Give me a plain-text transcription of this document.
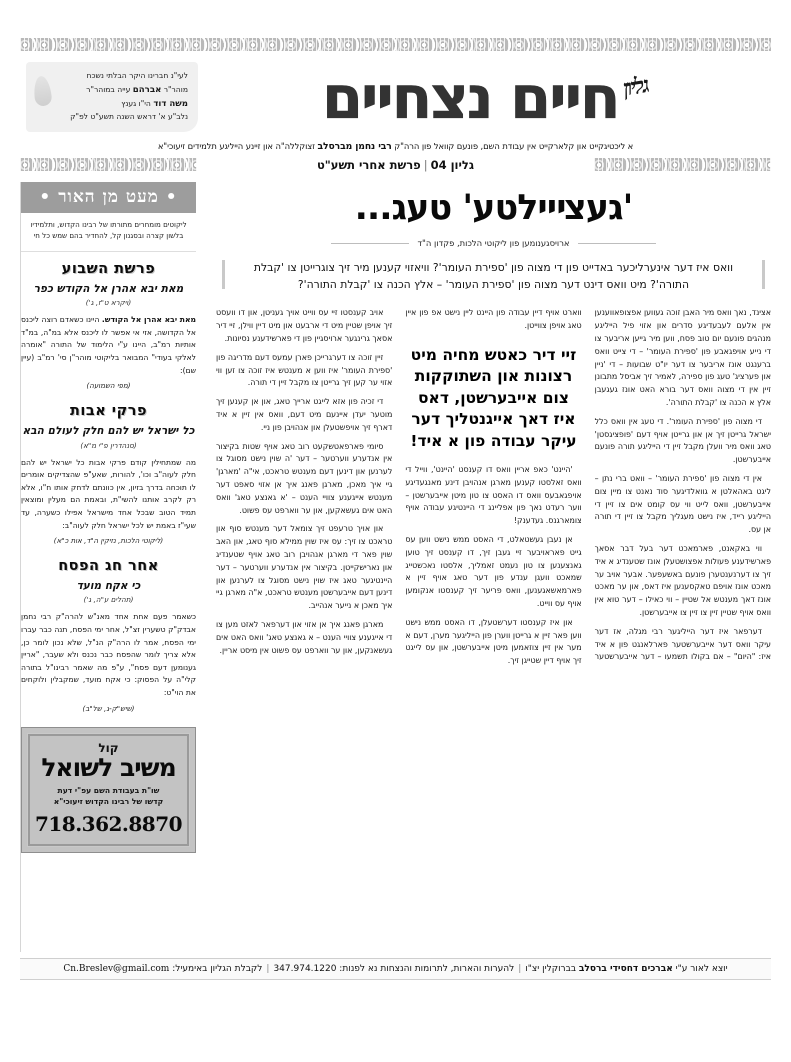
חיים נצחיים גליון
לעי"נ חברינו היקר הבלתי נשכח
מוהר"ר אברהם עייה במוהר"ר
משה דוד הי"ו גענץ
נלב"ע א' דראש השנה תשע"ט לפ"ק
א ליכטיגקייט און קלארקייט אין עבודת השם, פונעם קוואל פון הרה"ק רבי נחמן מברסלב זצוקללה"ה און זיינע הייליגע תלמידים זיעוכי"א
גליון 04|פרשת אחרי תשע"ט
'געצײילטע' טעג...
ארויסגענומען פון ליקוטי הלכות, פקדון ה"ד
וואס איז דער אינערליכער באדייט פון די מצוה פון 'ספירת העומר'? וויאזוי קענען מיר זיך צוגרייטן צו 'קבלת התורה'? מיט וואס דינט דער מצוה פון 'ספירת העומר' – אלץ הכנה צו 'קבלת התורה'?

אצינד, נאך וואס מיר האבן זוכה געווען אפצופאווענען אין אלעם לעבעדיגע סדרים און אזוי פיל הייליגע מנהגים פונעם יום טוב פסח, ווען מיר גייען אריבער צו די נייע אויפגאבע פון 'ספירת העומר' – די צייט וואס ברענגט אונז אריבער צו דער יו"ט שבועות – די 'ניין און פערציג' טעג פון ספירה, לאמיר זיך אביסל מתבונן זיין אין די מצוה וואס דער בורא האט אונז געגעבן אלץ א הכנה צו 'קבלת התורה'.

די מצוה פון 'ספירת העומר'. די טעג אין וואס כלל ישראל גרייטן זיך אן און גרייטן אויף דעם 'פופציגסטן' טאג וואס מיר וועלן מקבל זיין די הייליגע תורה פונעם אייבערשטן.

אין די מצוה פון 'ספירת העומר' – וואט ברי נתן – ליגט באהאלטן א גוואלדיגער סוד נאנט צו מיין צום אייבערשטן, וואס לייט ווי עס קומט אים צו זיין די הייליגע רייד, איז נישט מעגליך מקבל צו זיין די תורה אן עס.

ווי באקאנט, פארמאכט דער בעל דבר אסאך פארשידענע פעולות אפצושטעלן אונז שטענדיג א איד זיך צו דערנענטערן פונעם באשעפער. אבער אויב ער מאכט אונז אויפם טאקסענען איז דאס, און ער מאכט אונז דאך מענטש אל שטיין – ווי כאילו – דער טוא אין וואס אויף שטיין זיין צו זיין צו אייבערשטן.

דערפאר איז דער הייליגער רבי מגלה, אז דער עיקר וואס דער אייבערשטער פארלאנגט פון א איד איז: "היום" – אם בקולו תשמעו – דער אייבערשטער ווארט אויף דיין עבודה פון היינט ליין נישט אפ פון איין טאג אויפן צווייטן.

זיי דיר כאטש מחיה מיט רצונות און השתוקקות צום אייבערשטן, דאס איז דאך אייגנטליך דער עיקר עבודה פון א איד!

'היינט' כאפ אריין וואס דו קענסט 'היינט', ווייל די וואס זאלסטו קענען מארגן אנהויבן דינע מאנגעדיגע אויפגאבעס וואס דו האסט צו טון מיטן אייבערשטן – ווער רעדט נאך פון אפליינג די היינטיגע עבודה אויף צומארגנס. געדענק!

אן נעבן געשטאלט, די האסט ממש נישט ווען עס גייט פאראויבער זיי געבן זיך, דו קענסט זיך טוען גאנצענען צו טון נעמט זאמליך, אלסטו נאכשטייג שמאכט וועגן ענדע פון דער טאג אויף זיין א פארמאשאגענען, וואס פריער זיך קענסטו אנקומען אויף עס ווייט.

און איז קענסטו דערשטעלן, דו האסט ממש נישט ווען פאר זיין א גרייטן ווערן פון הייליגער מערן, דעם א מער אין זיין צוזאמען מיטן אייבערשטן, און עס לייגט זיך אויף דיין שטייגן זיך.

אויב קענסטו זיי עס ווייט אויך געניטן, און דו וועסט זיך אויפן שטיין מיט די ארבעט און מיט דיין ווילן, זיי דיר אסאך גרינגער ארויסגיין פון די פארשידענע נסיונות.

זיין זוכה צו דערגרייכן פארן עמעס דעם מדריגה פון 'ספירת העומר' איז ווען א מענטש איז זוכה צו זען ווי אזוי ער קען זיך גרייטן צו מקבל זיין די תורה.

די זכיה פון אזא לייגט ארייך טאג, און אן קענען זיך מוטער יעדן איינעם מיט דעם, וואס אין זיין א איד דארף זיך אויפשטעלן און אנהויבן פון ניי.

סיומי פארפאטשקעט רוב טאג אויף שטות בקיצור אין אנדערע ווערטער – דער 'ה שוין נישט מסוגל צו לערנען און דינען דעם מענטש טראכט, אי"ה 'מארגן' גיי איך מאכן, מארגן פאנג איך אן אזוי סאפט דער מענטש אייגענע צוויי הענט – 'א גאנצע טאג' וואס האט אים געשאקען, און ער ווארפט עס פשוט.

און אויך טרעפט זיך צומאל דער מענטש סוף און טראכט צו זיך: עס איז שוין ממילא סוף טאג, און האב שוין פאר די מארגן אנהויבן רוב טאג אויף שטענדיג און נארישקייטן. בקיצור אין אנדערע ווערטער – דער היינטיגער טאג איז שוין נישט מסוגל צו לערנען און דינען דעם אייבערשטן מענטש טראכט, א"ה מארגן גיי איך מאכן א נייער אנהייב.

מארגן פאנג איך אן אזוי און דערפאר לאזט מען צו די אייגענע צוויי הענט – א גאנצע טאג' וואס האט אים געשאנקען, און ער ווארפט עס פשוט אין מיסט אריין.

• מעט מן האור •
ליקוטים מומחרים מתורתו של רבינו הקדוש, ותלמידיו בלשון קצרה ובסגנון קל, להחדיר בהם שמש כל חי
פרשת השבוע
מאת יבא אהרן אל הקודש כפר
(ויקרא ט"ז, ג')
מאת יבא אהרן אל הקודש. היינו כשאדם רוצה ליכנס אל הקדושה, אזי אי אפשר לו ליכנס אלא במ"ה, במ"ד אותיות רמ"ב, היינו ע"י הלימוד של התורה "אומרה לאלקי בעודי" המבואר בליקוטי מוהר"ן סי' רמ"ב (עיין שם):
(מפי השמועה)
פרקי אבות
כל ישראל יש להם חלק לעולם הבא
(סנהדרין פ"י מ"א)
מה שמתחילין קודם פרקי אבות כל ישראל יש להם חלק לעוה"ב וכו', להורות, שאע"פ שהצדיקים אומרים לו תוכחה בדרך בזיון, אין כוונתם לדחק אותו ח"ו, אלא רק לקרב אותנו להשי"ת, ובאמת הם מעלין ומוצאין תמיד הטוב שבכל אחד מישראל אפילו כשערה, עד שעי"ז באמת יש לכל ישראל חלק לעוה"ב:
(ליקוטי הלכות, נזיקין ה"ד, אות כ"א)
אחר חג הפסח
כי אקח מועד
(תהלים ע"ה, ג')
כשאמר פעם אחת אחד מאנ"ש להרה"ק רבי נחמן אבדק"ק טשערין זצ"ל, אחר ימי הפסח, תנה כבר עברו ימי הפסח, אמר לו הרה"ק הנ"ל, שלא נכון לומר כן, אלא צריך לומר שהפסח כבר נכנס ולא שעבר, "אריין גענומען דעם פסח", ע"פ מה שאמר רבינו"ל בתורה קלי"ה על הפסוק: כי אקח מועד, שמקבלין ולוקחים את הוי"ט:
(שיש"ק-ג, של"ב)
קול
משיב לשואל
שו"ת בעבודת השם עפ"י דעת
קדשו של רבינו הקדוש זיעוכי"א
718.362.8870
יוצא לאור ע"י אברכים דחסידי ברסלב בברוקלין יצ"ו|להערות והארות, לתרומות והנצחות נא לפנות: 347.974.1220|לקבלת הגליון באימעיל: Cn.Breslev@gmail.com
